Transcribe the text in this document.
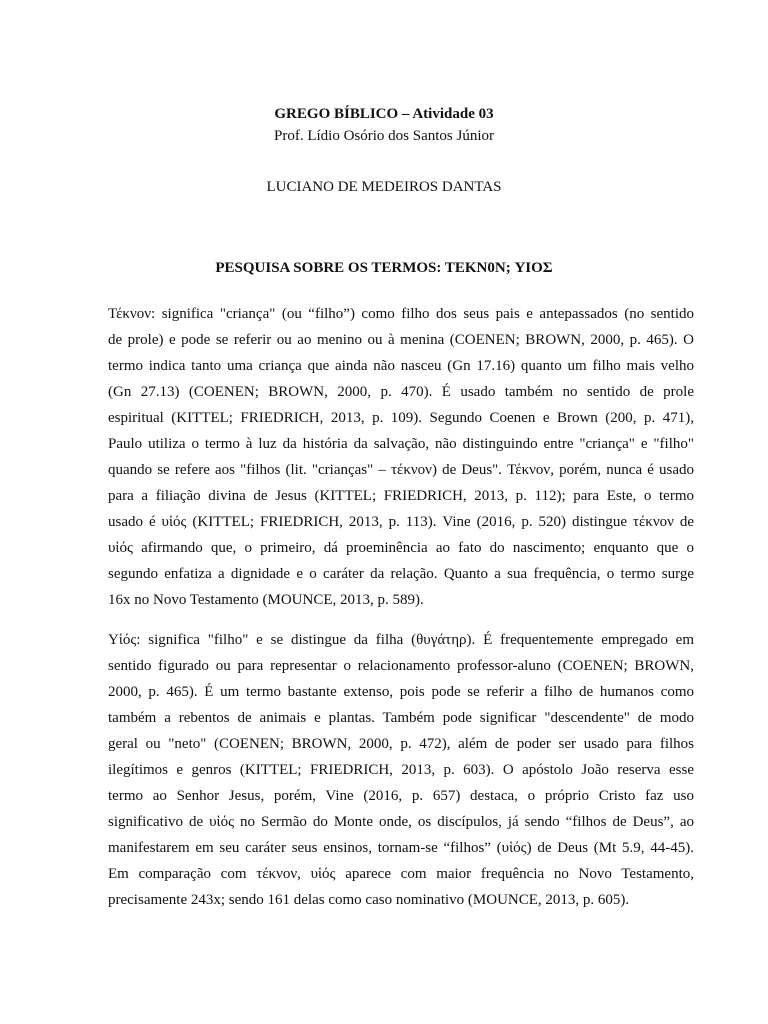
GREGO BÍBLICO – Atividade 03
Prof. Lídio Osório dos Santos Júnior
LUCIANO DE MEDEIROS DANTAS
PESQUISA SOBRE OS TERMOS: TEKN0N; ΥΙΟΣ
Τέκνον: significa "criança" (ou “filho”) como filho dos seus pais e antepassados (no sentido
de prole) e pode se referir ou ao menino ou à menina (COENEN; BROWN, 2000, p. 465). O
termo indica tanto uma criança que ainda não nasceu (Gn 17.16) quanto um filho mais velho
(Gn 27.13) (COENEN; BROWN, 2000, p. 470). É usado também no sentido de prole
espiritual (KITTEL; FRIEDRICH, 2013, p. 109). Segundo Coenen e Brown (200, p. 471),
Paulo utiliza o termo à luz da história da salvação, não distinguindo entre "criança" e "filho"
quando se refere aos "filhos (lit. "crianças" – τέκνον) de Deus". Τέκνον, porém, nunca é usado
para a filiação divina de Jesus (KITTEL; FRIEDRICH, 2013, p. 112); para Este, o termo
usado é υἱός (KITTEL; FRIEDRICH, 2013, p. 113). Vine (2016, p. 520) distingue τέκνον de
υἱός afirmando que, o primeiro, dá proeminência ao fato do nascimento; enquanto que o
segundo enfatiza a dignidade e o caráter da relação. Quanto a sua frequência, o termo surge
16x no Novo Testamento (MOUNCE, 2013, p. 589).
Υἱός: significa "filho" e se distingue da filha (θυγάτηρ). É frequentemente empregado em
sentido figurado ou para representar o relacionamento professor-aluno (COENEN; BROWN,
2000, p. 465). É um termo bastante extenso, pois pode se referir a filho de humanos como
também a rebentos de animais e plantas. Também pode significar "descendente" de modo
geral ou "neto" (COENEN; BROWN, 2000, p. 472), além de poder ser usado para filhos
ilegítimos e genros (KITTEL; FRIEDRICH, 2013, p. 603). O apóstolo João reserva esse
termo ao Senhor Jesus, porém, Vine (2016, p. 657) destaca, o próprio Cristo faz uso
significativo de υἱός no Sermão do Monte onde, os discípulos, já sendo “filhos de Deus”, ao
manifestarem em seu caráter seus ensinos, tornam-se “filhos” (υἱός) de Deus (Mt 5.9, 44-45).
Em comparação com τέκνον, υἱός aparece com maior frequência no Novo Testamento,
precisamente 243x; sendo 161 delas como caso nominativo (MOUNCE, 2013, p. 605).
